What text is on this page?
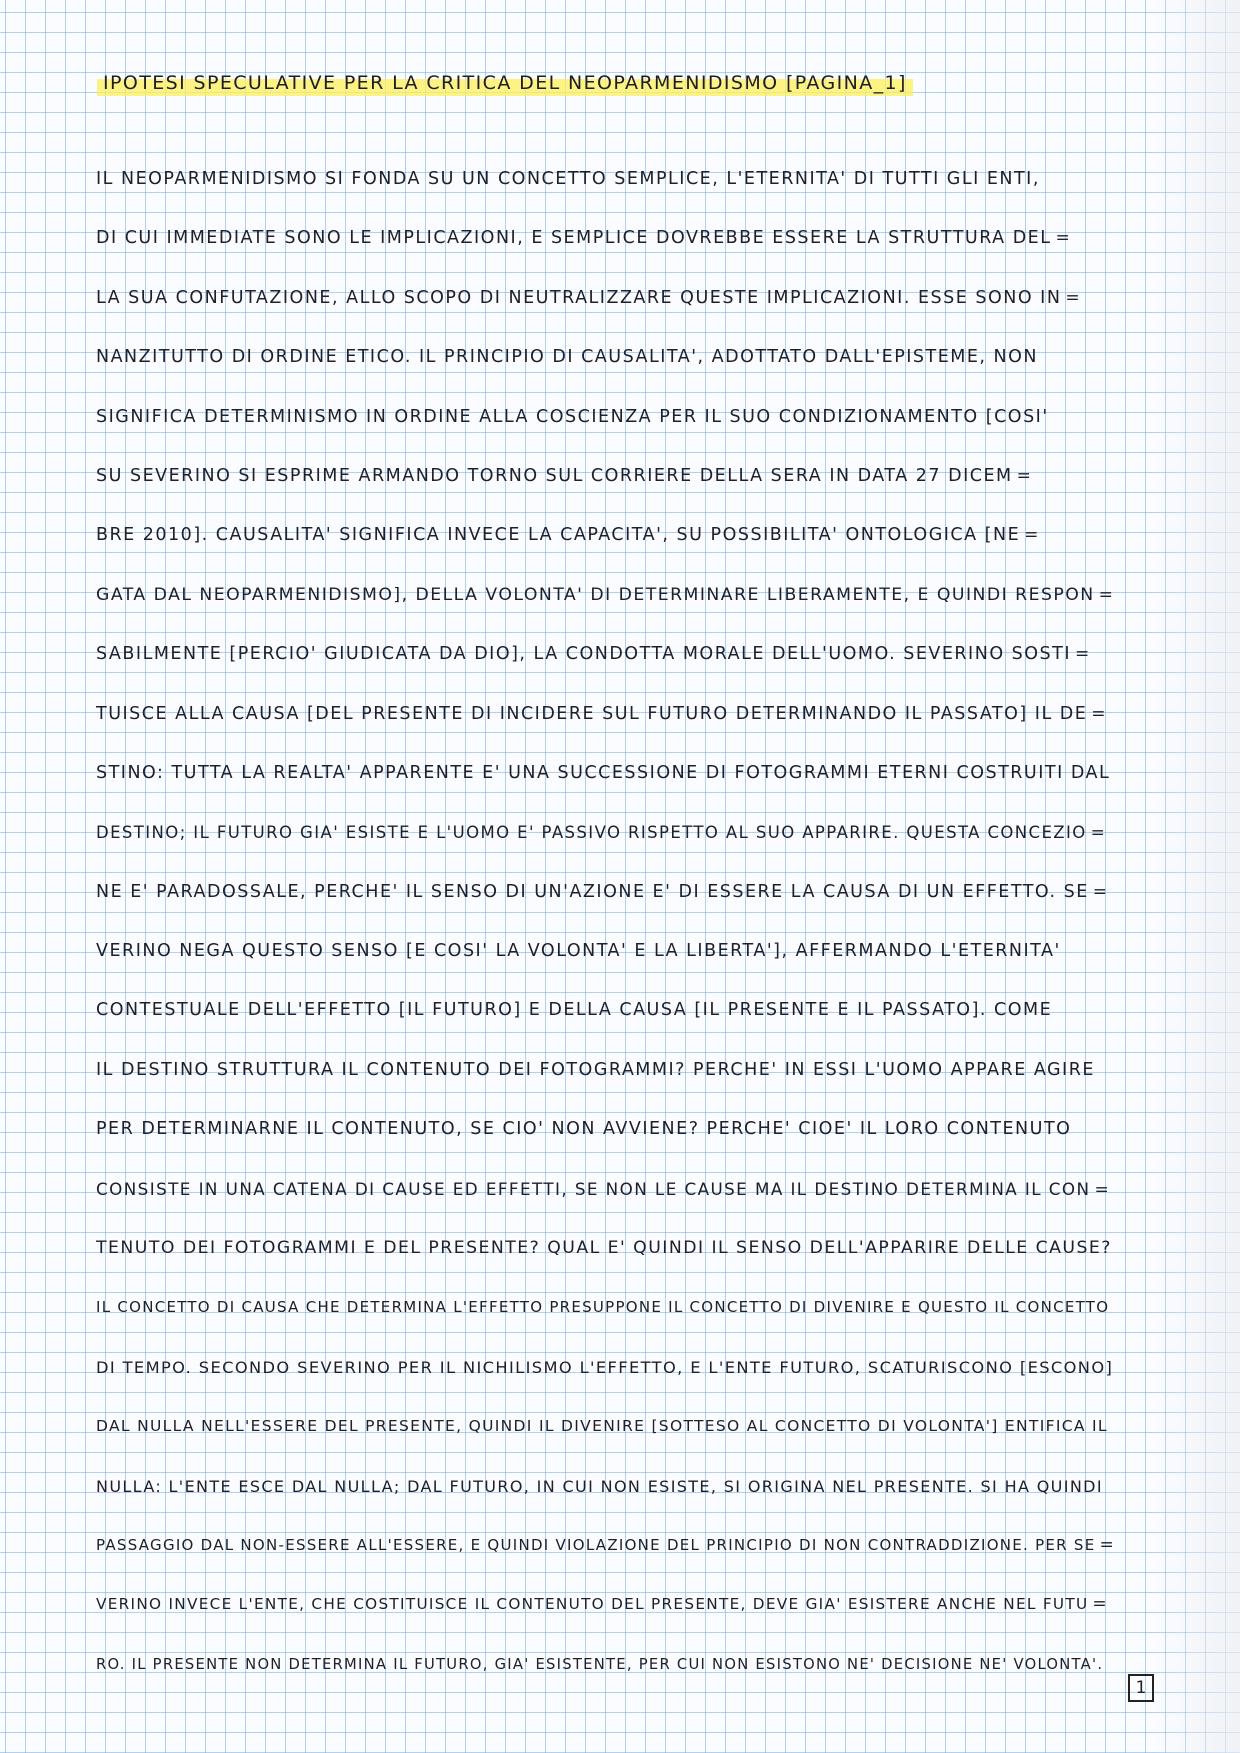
IPOTESI SPECULATIVE PER LA CRITICA DEL NEOPARMENIDISMO [PAGINA_1]
IL NEOPARMENIDISMO SI FONDA SU UN CONCETTO SEMPLICE, L'ETERNITA' DI TUTTI GLI ENTI,
DI CUI IMMEDIATE SONO LE IMPLICAZIONI, E SEMPLICE DOVREBBE ESSERE LA STRUTTURA DEL =
LA SUA CONFUTAZIONE, ALLO SCOPO DI NEUTRALIZZARE QUESTE IMPLICAZIONI. ESSE SONO IN =
NANZITUTTO DI ORDINE ETICO. IL PRINCIPIO DI CAUSALITA', ADOTTATO DALL'EPISTEME, NON
SIGNIFICA DETERMINISMO IN ORDINE ALLA COSCIENZA PER IL SUO CONDIZIONAMENTO [COSI'
SU SEVERINO SI ESPRIME ARMANDO TORNO SUL CORRIERE DELLA SERA IN DATA 27 DICEM =
BRE 2010]. CAUSALITA' SIGNIFICA INVECE LA CAPACITA', SU POSSIBILITA' ONTOLOGICA [NE =
GATA DAL NEOPARMENIDISMO], DELLA VOLONTA' DI DETERMINARE LIBERAMENTE, E QUINDI RESPON =
SABILMENTE [PERCIO' GIUDICATA DA DIO], LA CONDOTTA MORALE DELL'UOMO. SEVERINO SOSTI =
TUISCE ALLA CAUSA [DEL PRESENTE DI INCIDERE SUL FUTURO DETERMINANDO IL PASSATO] IL DE =
STINO: TUTTA LA REALTA' APPARENTE E' UNA SUCCESSIONE DI FOTOGRAMMI ETERNI COSTRUITI DAL
DESTINO; IL FUTURO GIA' ESISTE E L'UOMO E' PASSIVO RISPETTO AL SUO APPARIRE. QUESTA CONCEZIO =
NE E' PARADOSSALE, PERCHE' IL SENSO DI UN'AZIONE E' DI ESSERE LA CAUSA DI UN EFFETTO. SE =
VERINO NEGA QUESTO SENSO [E COSI' LA VOLONTA' E LA LIBERTA'], AFFERMANDO L'ETERNITA'
CONTESTUALE DELL'EFFETTO [IL FUTURO] E DELLA CAUSA [IL PRESENTE E IL PASSATO]. COME
IL DESTINO STRUTTURA IL CONTENUTO DEI FOTOGRAMMI? PERCHE' IN ESSI L'UOMO APPARE AGIRE
PER DETERMINARNE IL CONTENUTO, SE CIO' NON AVVIENE? PERCHE' CIOE' IL LORO CONTENUTO
CONSISTE IN UNA CATENA DI CAUSE ED EFFETTI, SE NON LE CAUSE MA IL DESTINO DETERMINA IL CON =
TENUTO DEI FOTOGRAMMI E DEL PRESENTE? QUAL E' QUINDI IL SENSO DELL'APPARIRE DELLE CAUSE?
IL CONCETTO DI CAUSA CHE DETERMINA L'EFFETTO PRESUPPONE IL CONCETTO DI DIVENIRE E QUESTO IL CONCETTO
DI TEMPO. SECONDO SEVERINO PER IL NICHILISMO L'EFFETTO, E L'ENTE FUTURO, SCATURISCONO [ESCONO]
DAL NULLA NELL'ESSERE DEL PRESENTE, QUINDI IL DIVENIRE [SOTTESO AL CONCETTO DI VOLONTA'] ENTIFICA IL
NULLA: L'ENTE ESCE DAL NULLA; DAL FUTURO, IN CUI NON ESISTE, SI ORIGINA NEL PRESENTE. SI HA QUINDI
PASSAGGIO DAL NON-ESSERE ALL'ESSERE, E QUINDI VIOLAZIONE DEL PRINCIPIO DI NON CONTRADDIZIONE. PER SE =
VERINO INVECE L'ENTE, CHE COSTITUISCE IL CONTENUTO DEL PRESENTE, DEVE GIA' ESISTERE ANCHE NEL FUTU =
RO. IL PRESENTE NON DETERMINA IL FUTURO, GIA' ESISTENTE, PER CUI NON ESISTONO NE' DECISIONE NE' VOLONTA'.
1
